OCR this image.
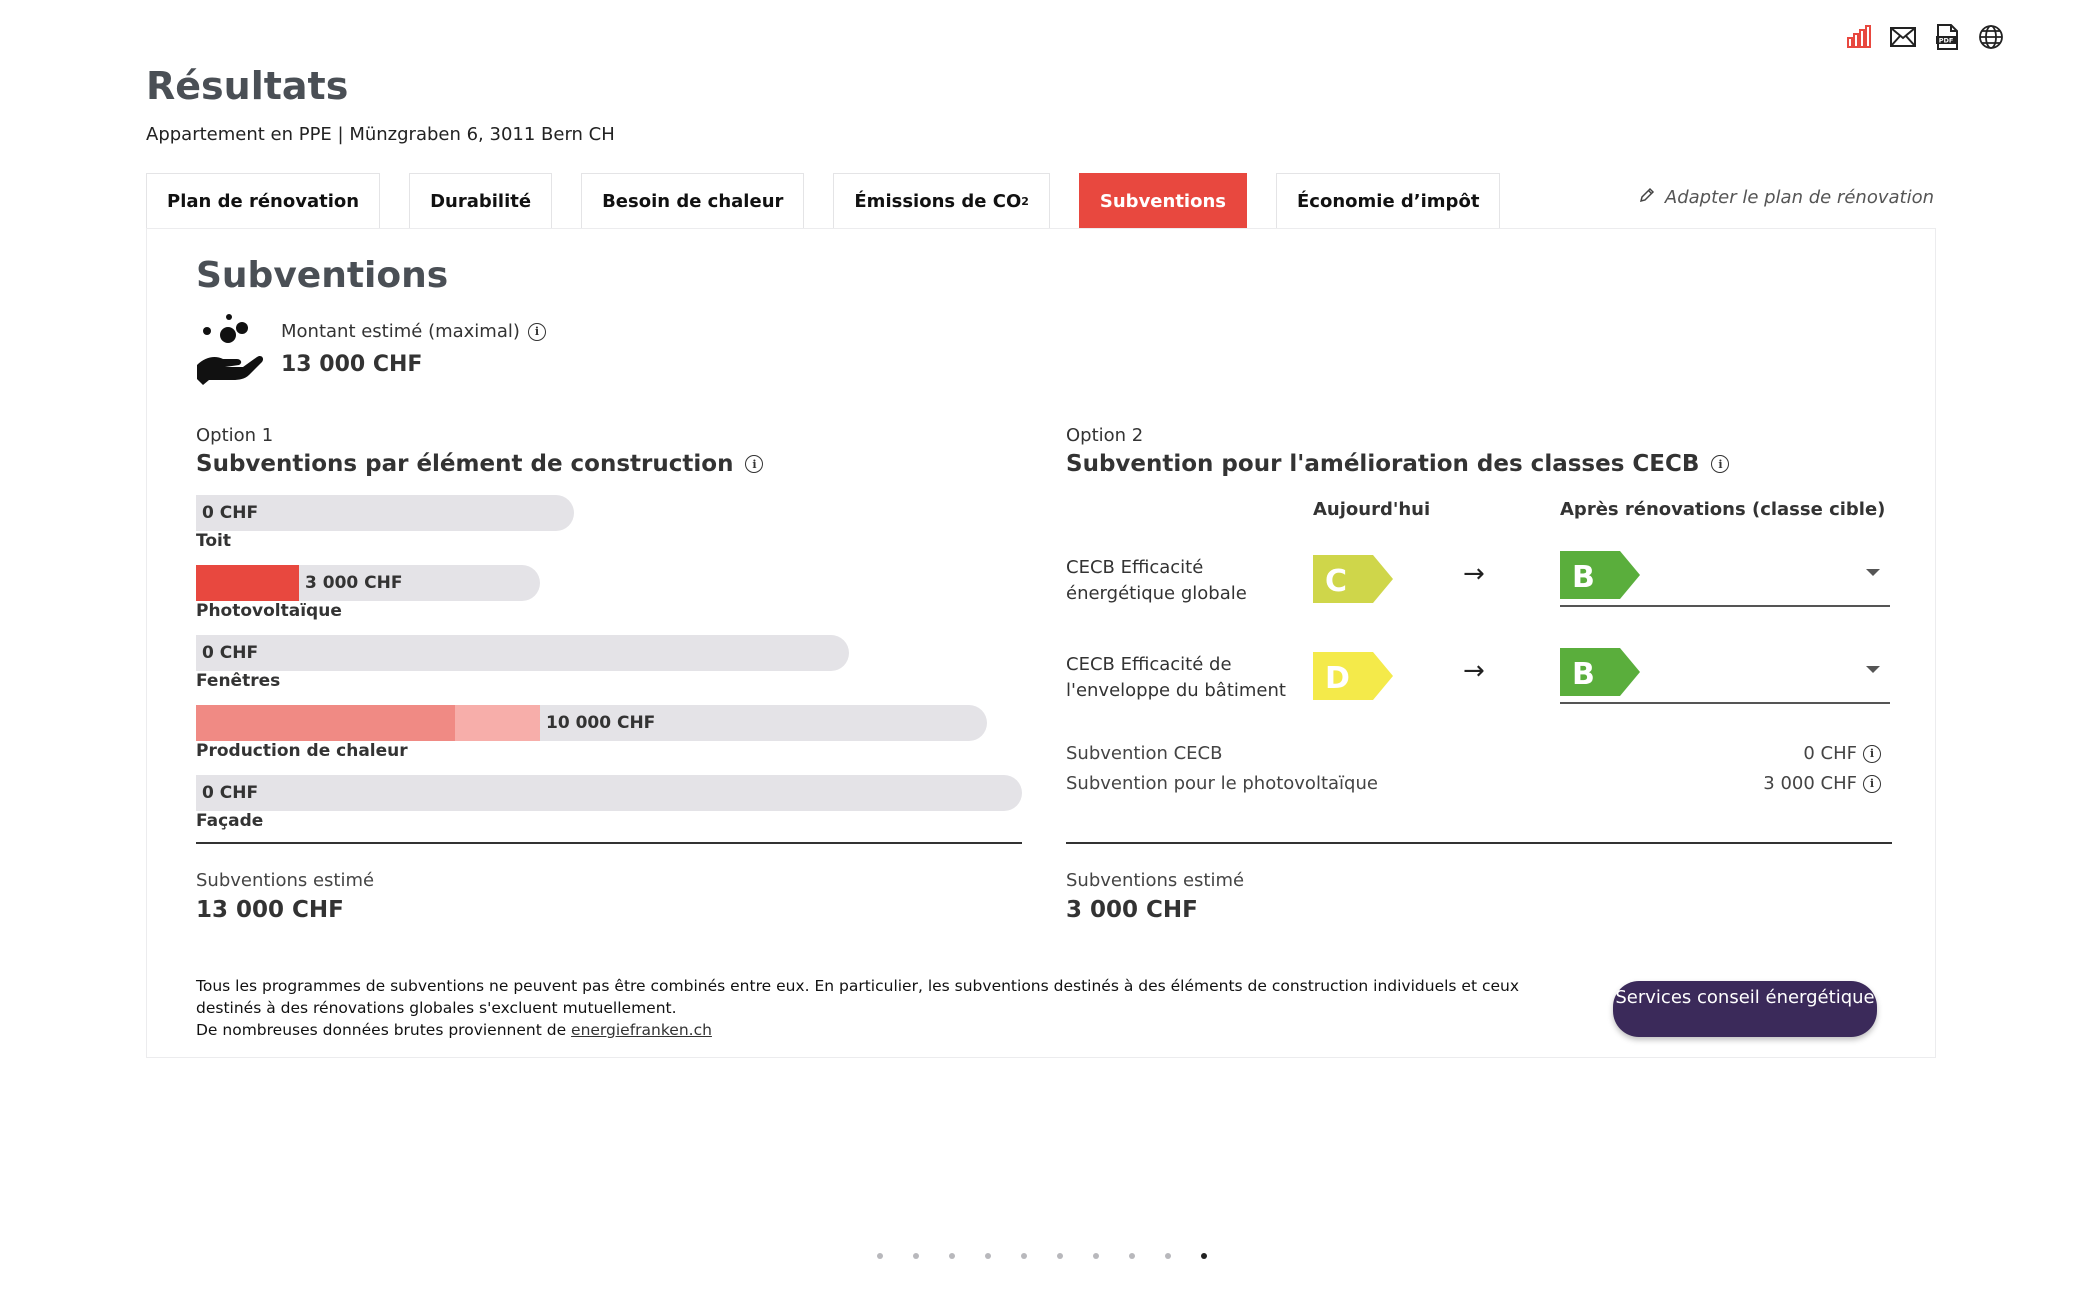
PDF
Résultats
Appartement en PPE | Münzgraben 6, 3011 Bern CH
Plan de rénovation	Durabilité	Besoin de chaleur	Émissions de CO 2	Subventions	Économie d’impôt	Adapter le plan de rénovation
Subventions
Montant estimé (maximal)	i
13 000 CHF
Option 1
Subventions par élément de construction	i
0 CHF
Toit
3 000 CHF
Photovoltaïque
0 CHF
Fenêtres
10 000 CHF
Production de chaleur
0 CHF
Façade
Subventions estimé
13 000 CHF
Option 2
Subvention pour l'amélioration des classes CECB	i
Aujourd'hui	Après rénovations (classe cible)
CECB Efficacité énergétique globale	C	→	B
CECB Efficacité de l'enveloppe du bâtiment	D	→	B
Subvention CECB	0 CHF	i
Subvention pour le photovoltaïque	3 000 CHF	i
Subventions estimé
3 000 CHF
Tous les programmes de subventions ne peuvent pas être combinés entre eux. En particulier, les subventions destinés à des éléments de construction individuels et ceux destinés à des rénovations globales s'excluent mutuellement.
De nombreuses données brutes proviennent de energiefranken.ch
Services conseil énergétique
